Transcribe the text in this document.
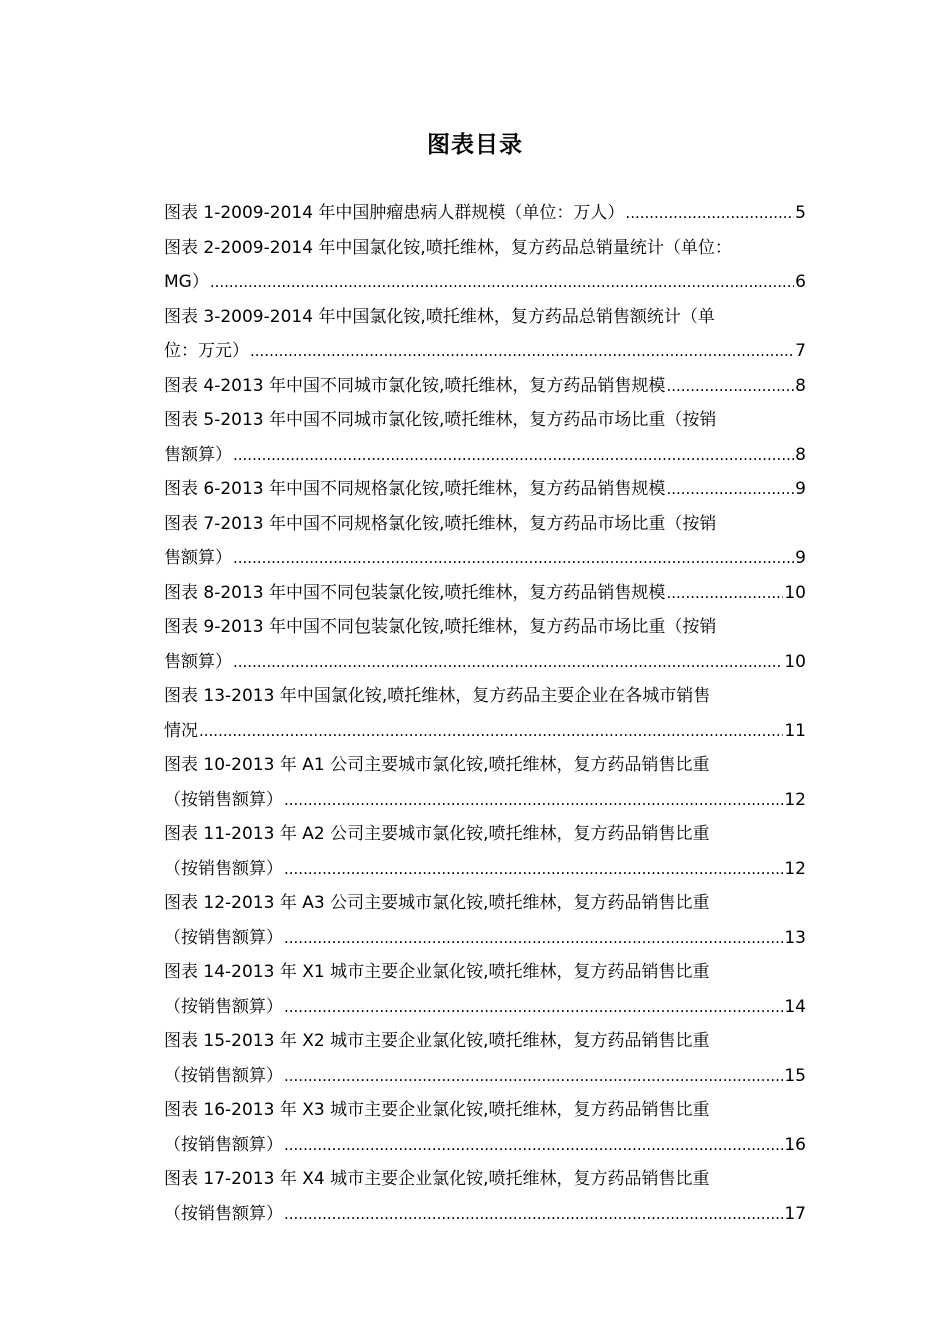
图表目录
图表 1-2009-2014 年中国肿瘤患病人群规模（单位：万人） .....	5
图表 2-2009-2014 年中国氯化铵,喷托维林，复方药品总销量统计（单位：
MG） .....	6
图表 3-2009-2014 年中国氯化铵,喷托维林，复方药品总销售额统计（单
位：万元） .....	7
图表 4-2013 年中国不同城市氯化铵,喷托维林，复方药品销售规模 .....	8
图表 5-2013 年中国不同城市氯化铵,喷托维林，复方药品市场比重（按销
售额算） .....	8
图表 6-2013 年中国不同规格氯化铵,喷托维林，复方药品销售规模 .....	9
图表 7-2013 年中国不同规格氯化铵,喷托维林，复方药品市场比重（按销
售额算） .....	9
图表 8-2013 年中国不同包装氯化铵,喷托维林，复方药品销售规模 .....	10
图表 9-2013 年中国不同包装氯化铵,喷托维林，复方药品市场比重（按销
售额算） .....	10
图表 13-2013 年中国氯化铵,喷托维林，复方药品主要企业在各城市销售
情况 .....	11
图表 10-2013 年 A1 公司主要城市氯化铵,喷托维林，复方药品销售比重
（按销售额算） .....	12
图表 11-2013 年 A2 公司主要城市氯化铵,喷托维林，复方药品销售比重
（按销售额算） .....	12
图表 12-2013 年 A3 公司主要城市氯化铵,喷托维林，复方药品销售比重
（按销售额算） .....	13
图表 14-2013 年 X1 城市主要企业氯化铵,喷托维林，复方药品销售比重
（按销售额算） .....	14
图表 15-2013 年 X2 城市主要企业氯化铵,喷托维林，复方药品销售比重
（按销售额算） .....	15
图表 16-2013 年 X3 城市主要企业氯化铵,喷托维林，复方药品销售比重
（按销售额算） .....	16
图表 17-2013 年 X4 城市主要企业氯化铵,喷托维林，复方药品销售比重
（按销售额算） .....	17
